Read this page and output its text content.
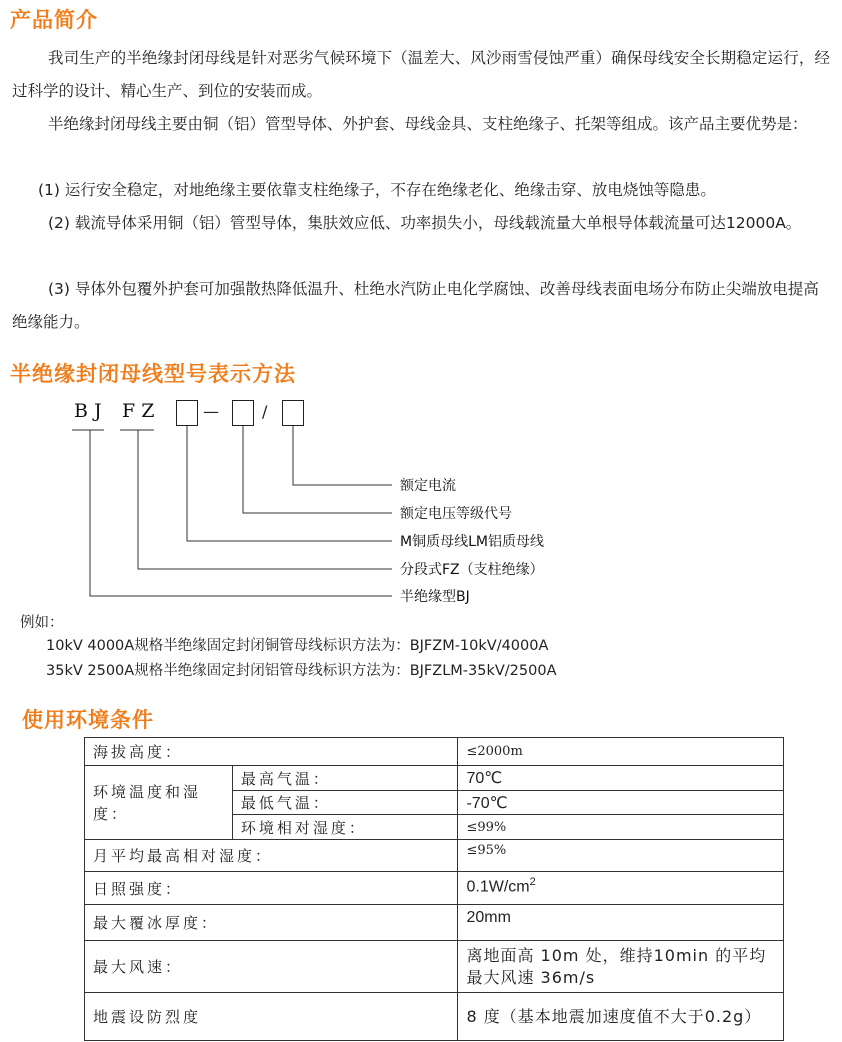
产品简介

我司生产的半绝缘封闭母线是针对恶劣气候环境下（温差大、风沙雨雪侵蚀严重）确保母线安全长期稳定运行，经过科学的设计、精心生产、到位的安装而成。

半绝缘封闭母线主要由铜（铝）管型导体、外护套、母线金具、支柱绝缘子、托架等组成。该产品主要优势是：

(1) 运行安全稳定，对地绝缘主要依靠支柱绝缘子，不存在绝缘老化、绝缘击穿、放电烧蚀等隐患。

(2) 载流导体采用铜（铝）管型导体，集肤效应低、功率损失小，母线载流量大单根导体载流量可达12000A。

(3) 导体外包覆外护套可加强散热降低温升、杜绝水汽防止电化学腐蚀、改善母线表面电场分布防止尖端放电提高绝缘能力。

半绝缘封闭母线型号表示方法
B J F Z	—	/
额定电流
额定电压等级代号
M铜质母线LM铝质母线
分段式FZ（支柱绝缘）
半绝缘型BJ

例如：

10kV 4000A规格半绝缘固定封闭铜管母线标识方法为：BJFZM-10kV/4000A

35kV 2500A规格半绝缘固定封闭铝管母线标识方法为：BJFZLM-35kV/2500A

使用环境条件
海拔高度：		≤2000m
环境温度和湿度：	最高气温：	70℃
	最低气温：	-70℃
	环境相对湿度：	≤99%
月平均最高相对湿度：		≤95%
日照强度：		$0.1W/cm^2$
最大覆冰厚度：		20mm
最大风速：		离地面高 10m 处，维持10min 的平均最大风速 36m/s
地震设防烈度		8 度（基本地震加速度值不大于0.2g）
